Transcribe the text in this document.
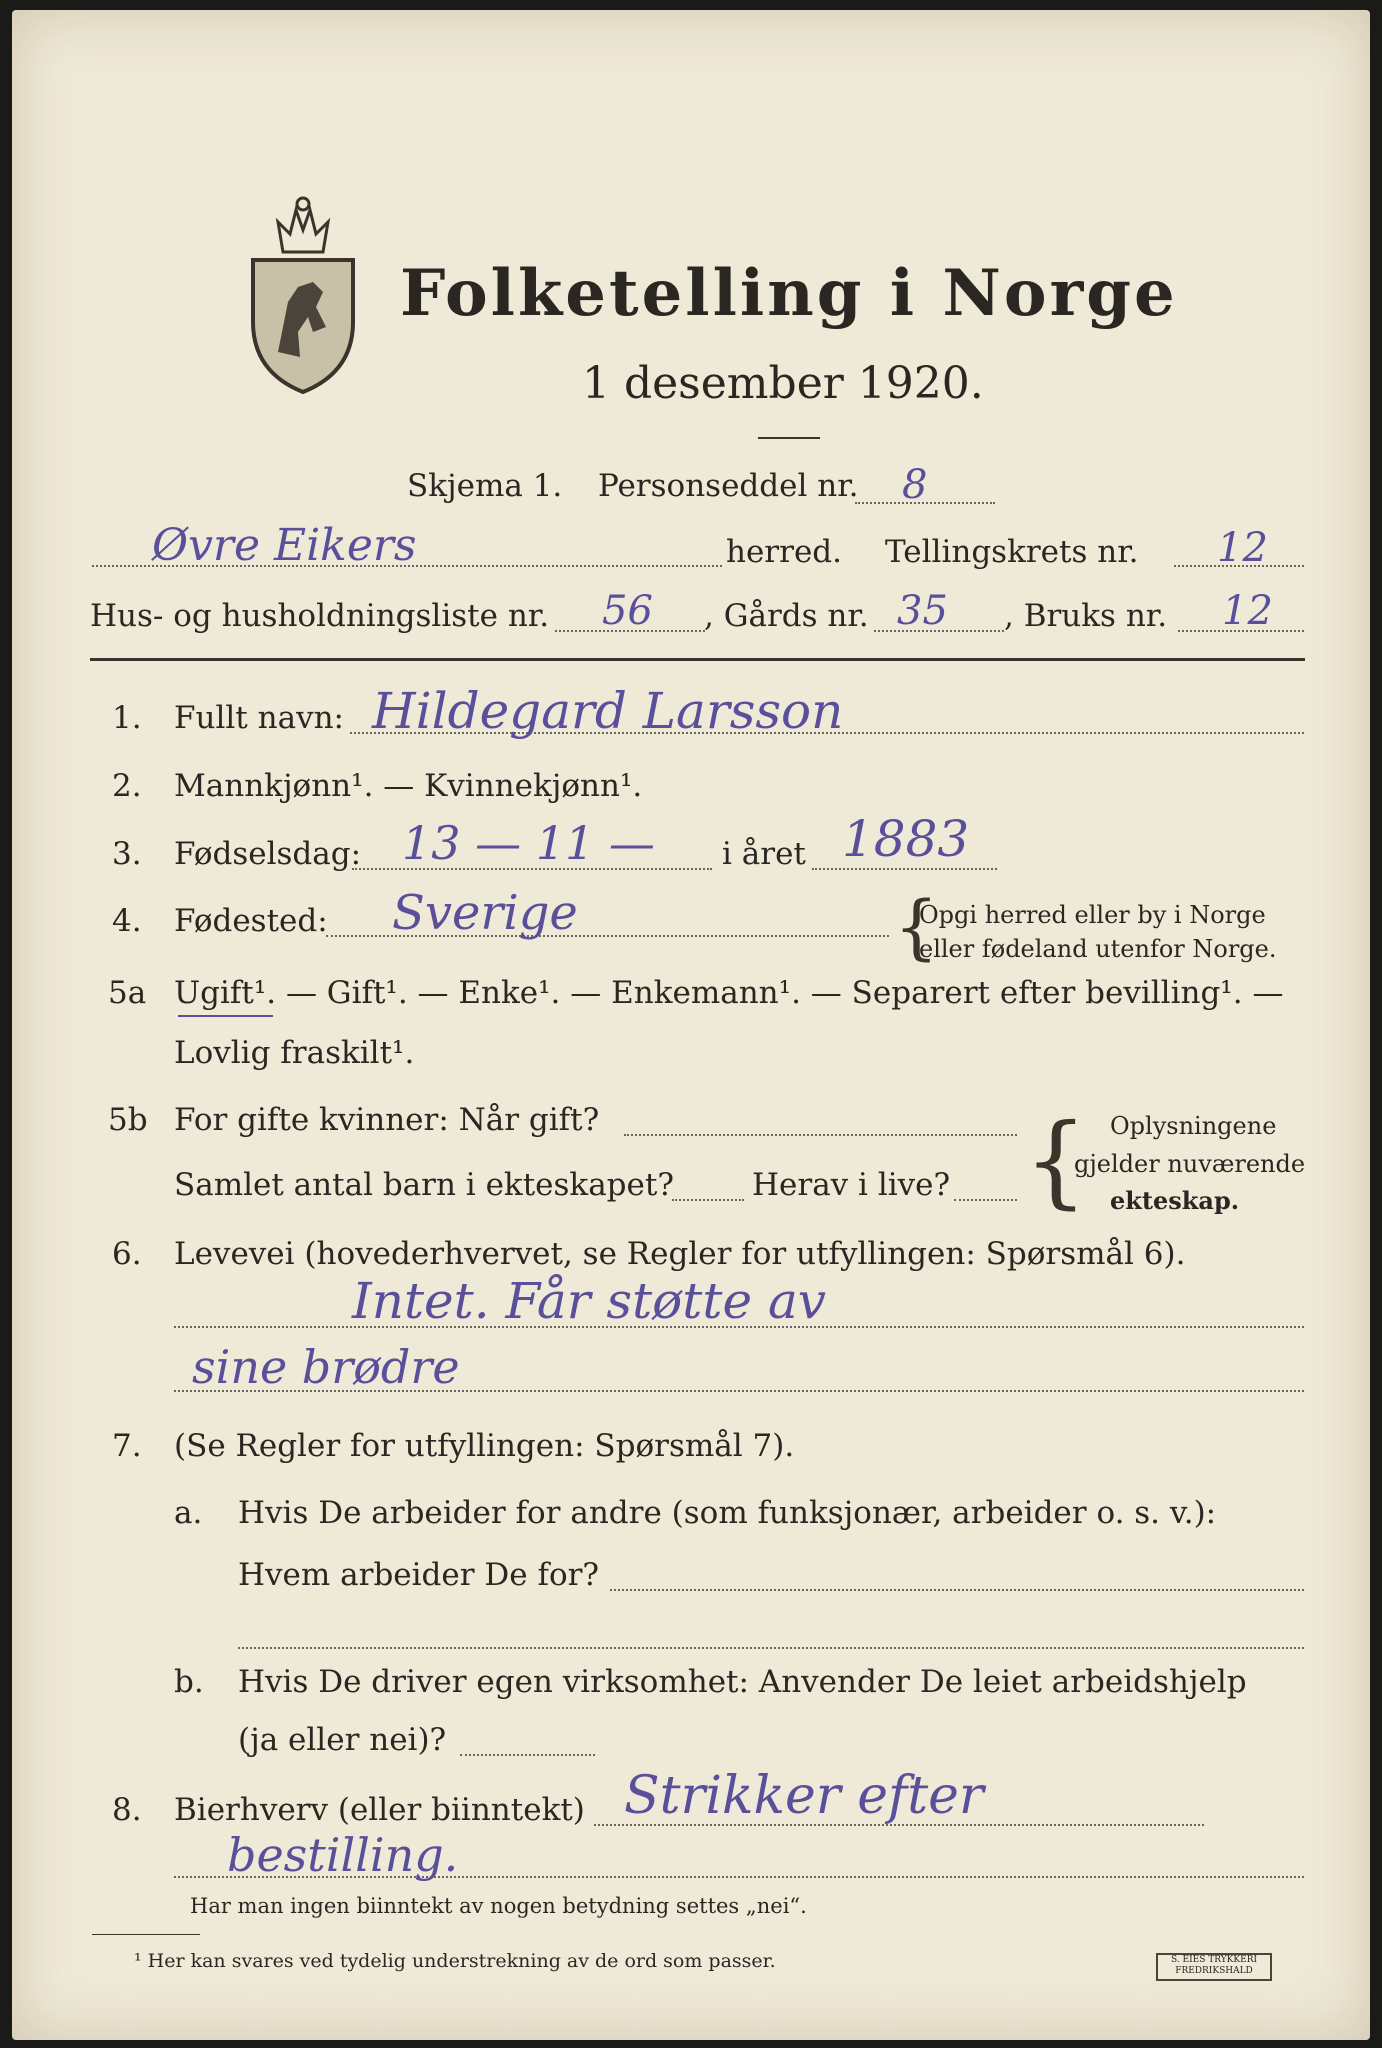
Folketelling i Norge
1 desember 1920.
Skjema 1. Personseddel nr. 8
Øvre Eikers	herred. Tellingskrets nr. 12
Hus- og husholdningsliste nr. 56 , Gårds nr. 35 , Bruks nr. 12
1. Fullt navn: Hildegard Larsson
2. Mannkjønn¹. — Kvinnekjønn¹.
3. Fødselsdag: 13 — 11 — i året 1883
4. Fødested: Sverige	{
Opgi herred eller by i Norge
eller fødeland utenfor Norge.
5a Ugift¹. — Gift¹. — Enke¹. — Enkemann¹. — Separert efter bevilling¹. —
Lovlig fraskilt¹.
5b For gifte kvinner: Når gift?
Samlet antal barn i ekteskapet?	Herav i live? { Oplysningene
gjelder nuværende
ekteskap.
6. Levevei (hovederhvervet, se Regler for utfyllingen: Spørsmål 6).
Intet. Får støtte av
sine brødre
7. (Se Regler for utfyllingen: Spørsmål 7).
a. Hvis De arbeider for andre (som funksjonær, arbeider o. s. v.):
Hvem arbeider De for?
b. Hvis De driver egen virksomhet: Anvender De leiet arbeidshjelp
(ja eller nei)?
8. Bierhverv (eller biinntekt) Strikker efter
bestilling.
Har man ingen biinntekt av nogen betydning settes „nei“.
¹ Her kan svares ved tydelig understrekning av de ord som passer.	S. EIES TRYKKERI FREDRIKSHALD
